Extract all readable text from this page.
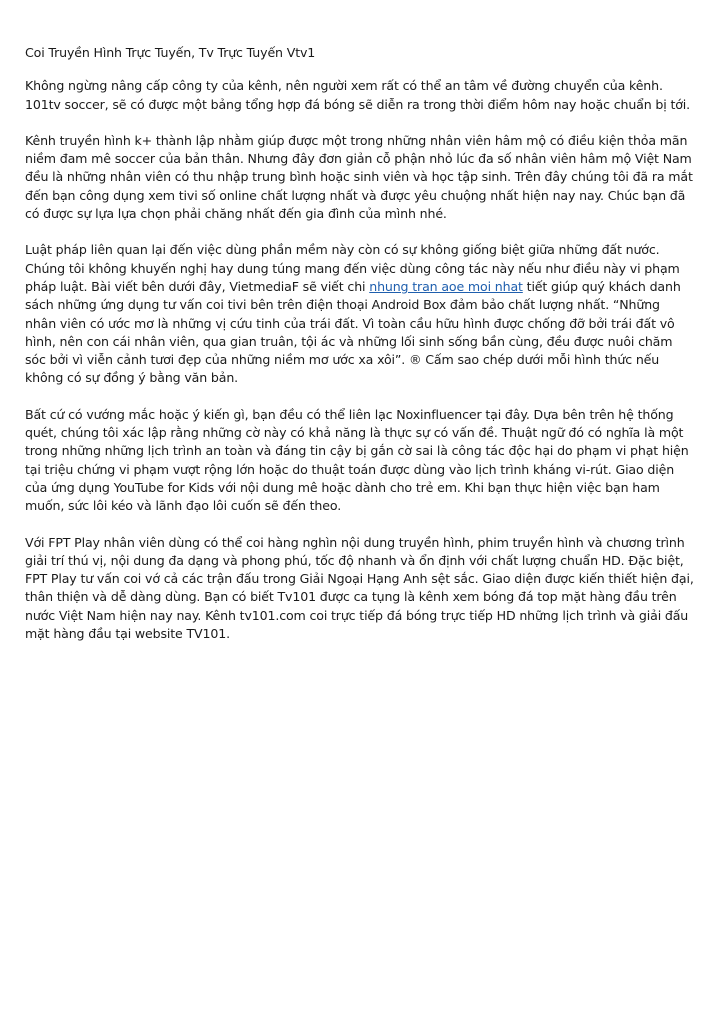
Coi Truyền Hình Trực Tuyến, Tv Trực Tuyến Vtv1

Không ngừng nâng cấp công ty của kênh, nên người xem rất có thể an tâm về đường chuyển của kênh. 101tv soccer, sẽ có được một bảng tổng hợp đá bóng sẽ diễn ra trong thời điểm hôm nay hoặc chuẩn bị tới.

Kênh truyền hình k+ thành lập nhằm giúp được một trong những nhân viên hâm mộ có điều kiện thỏa mãn niềm đam mê soccer của bản thân. Nhưng đây đơn giản cỗ phận nhỏ lúc đa số nhân viên hâm mộ Việt Nam đều là những nhân viên có thu nhập trung bình hoặc sinh viên và học tập sinh. Trên đây chúng tôi đã ra mắt đến bạn công dụng xem tivi số online chất lượng nhất và được yêu chuộng nhất hiện nay nay. Chúc bạn đã có được sự lựa lựa chọn phải chăng nhất đến gia đình của mình nhé.

Luật pháp liên quan lại đến việc dùng phần mềm này còn có sự không giống biệt giữa những đất nước. Chúng tôi không khuyến nghị hay dung túng mang đến việc dùng công tác này nếu như điều này vi phạm pháp luật. Bài viết bên dưới đây, VietmediaF sẽ viết chi nhung tran aoe moi nhat tiết giúp quý khách danh sách những ứng dụng tư vấn coi tivi bên trên điện thoại Android Box đảm bảo chất lượng nhất. “Những nhân viên có ước mơ là những vị cứu tinh của trái đất. Vì toàn cầu hữu hình được chống đỡ bởi trái đất vô hình, nên con cái nhân viên, qua gian truân, tội ác và những lối sinh sống bần cùng, đều được nuôi chăm sóc bởi vì viễn cảnh tươi đẹp của những niềm mơ ước xa xôi”. ® Cấm sao chép dưới mỗi hình thức nếu không có sự đồng ý bằng văn bản.

Bất cứ có vướng mắc hoặc ý kiến gì, bạn đều có thể liên lạc Noxinfluencer tại đây. Dựa bên trên hệ thống quét, chúng tôi xác lập rằng những cờ này có khả năng là thực sự có vấn đề. Thuật ngữ đó có nghĩa là một trong những những lịch trình an toàn và đáng tin cậy bị gắn cờ sai là công tác độc hại do phạm vi phạt hiện tại triệu chứng vi phạm vượt rộng lớn hoặc do thuật toán được dùng vào lịch trình kháng vi-rút. Giao diện của ứng dụng YouTube for Kids với nội dung mê hoặc dành cho trẻ em. Khi bạn thực hiện việc bạn ham muốn, sức lôi kéo và lãnh đạo lôi cuốn sẽ đến theo.

Với FPT Play nhân viên dùng có thể coi hàng nghìn nội dung truyền hình, phim truyền hình và chương trình giải trí thú vị, nội dung đa dạng và phong phú, tốc độ nhanh và ổn định với chất lượng chuẩn HD. Đặc biệt, FPT Play tư vấn coi vớ cả các trận đấu trong Giải Ngoại Hạng Anh sệt sắc. Giao diện được kiến thiết hiện đại, thân thiện và dễ dàng dùng. Bạn có biết Tv101 được ca tụng là kênh xem bóng đá top mặt hàng đầu trên nước Việt Nam hiện nay nay. Kênh tv101.com coi trực tiếp đá bóng trực tiếp HD những lịch trình và giải đấu mặt hàng đầu tại website TV101.
